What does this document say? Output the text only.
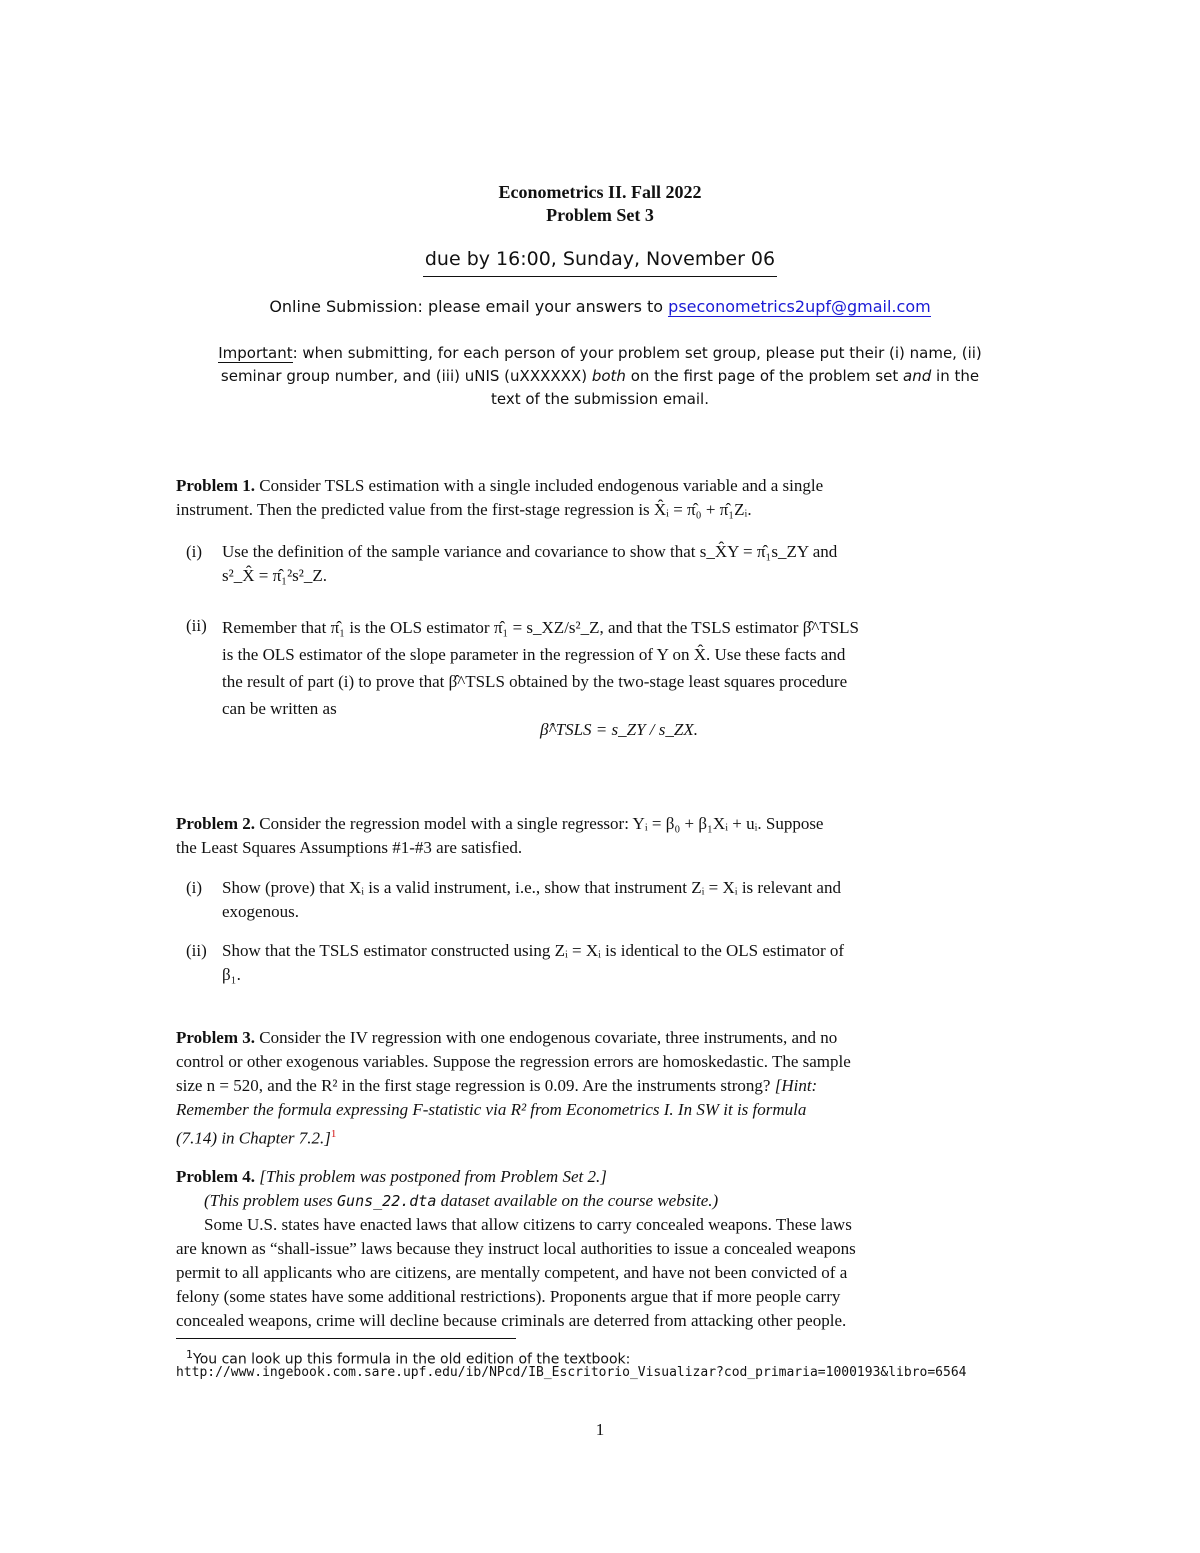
Econometrics II. Fall 2022
Problem Set 3
due by 16:00, Sunday, November 06
Online Submission: please email your answers to pseconometrics2upf@gmail.com
Important: when submitting, for each person of your problem set group, please put their (i) name, (ii)
seminar group number, and (iii) uNIS (uXXXXXX) both on the first page of the problem set and in the
text of the submission email.
Problem 1. Consider TSLS estimation with a single included endogenous variable and a single
instrument. Then the predicted value from the first-stage regression is X̂ᵢ = π̂₀ + π̂₁Zᵢ.
(i) Use the definition of the sample variance and covariance to show that s_X̂Y = π̂₁s_ZY and
s²_X̂ = π̂₁²s²_Z.
(ii) Remember that π̂₁ is the OLS estimator π̂₁ = s_XZ/s²_Z, and that the TSLS estimator β̂^TSLS
is the OLS estimator of the slope parameter in the regression of Y on X̂. Use these facts and
the result of part (i) to prove that β̂^TSLS obtained by the two-stage least squares procedure
can be written as
β̂^TSLS = s_ZY / s_ZX.
Problem 2. Consider the regression model with a single regressor: Yᵢ = β₀ + β₁Xᵢ + uᵢ. Suppose
the Least Squares Assumptions #1-#3 are satisfied.
(i) Show (prove) that Xᵢ is a valid instrument, i.e., show that instrument Zᵢ = Xᵢ is relevant and
exogenous.
(ii) Show that the TSLS estimator constructed using Zᵢ = Xᵢ is identical to the OLS estimator of
β₁.
Problem 3. Consider the IV regression with one endogenous covariate, three instruments, and no
control or other exogenous variables. Suppose the regression errors are homoskedastic. The sample
size n = 520, and the R² in the first stage regression is 0.09. Are the instruments strong? [Hint:
Remember the formula expressing F-statistic via R² from Econometrics I. In SW it is formula
(7.14) in Chapter 7.2.]$^1$
Problem 4. [This problem was postponed from Problem Set 2.]
(This problem uses Guns_22.dta dataset available on the course website.)
Some U.S. states have enacted laws that allow citizens to carry concealed weapons. These laws
are known as “shall-issue” laws because they instruct local authorities to issue a concealed weapons
permit to all applicants who are citizens, are mentally competent, and have not been convicted of a
felony (some states have some additional restrictions). Proponents argue that if more people carry
concealed weapons, crime will decline because criminals are deterred from attacking other people.
$^1$You can look up this formula in the old edition of the textbook:
http://www.ingebook.com.sare.upf.edu/ib/NPcd/IB_Escritorio_Visualizar?cod_primaria=1000193&libro=6564
1
